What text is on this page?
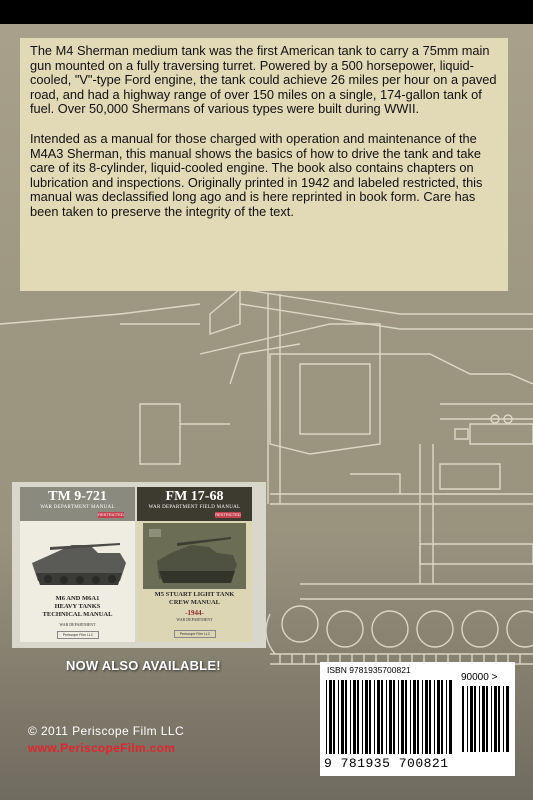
The M4 Sherman medium tank was the first American tank to carry a 75mm main gun mounted on a fully traversing turret. Powered by a 500 horsepower, liquid-cooled, "V"-type Ford engine, the tank could achieve 26 miles per hour on a paved road, and had a highway range of over 150 miles on a single, 174-gallon tank of fuel. Over 50,000 Shermans of various types were built during WWII.

Intended as a manual for those charged with operation and maintenance of the M4A3 Sherman, this manual shows the basics of how to drive the tank and take care of its 8-cylinder, liquid-cooled engine. The book also contains chapters on lubrication and inspections. Originally printed in 1942 and labeled restricted, this manual was declassified long ago and is here reprinted in book form. Care has been taken to preserve the integrity of the text.

TM 9-721
WAR DEPARTMENT MANUAL
RESTRICTED
M6 AND M6A1
HEAVY TANKS
TECHNICAL MANUAL
WAR DEPARTMENT
Periscope Film LLC
FM 17-68
WAR DEPARTMENT FIELD MANUAL
RESTRICTED
M5 STUART LIGHT TANK
CREW MANUAL
-1944-
WAR DEPARTMENT
Periscope Film LLC
NOW ALSO AVAILABLE!
© 2011 Periscope Film LLC
www.PeriscopeFilm.com
ISBN 9781935700821
90000 >
9 781935 700821
